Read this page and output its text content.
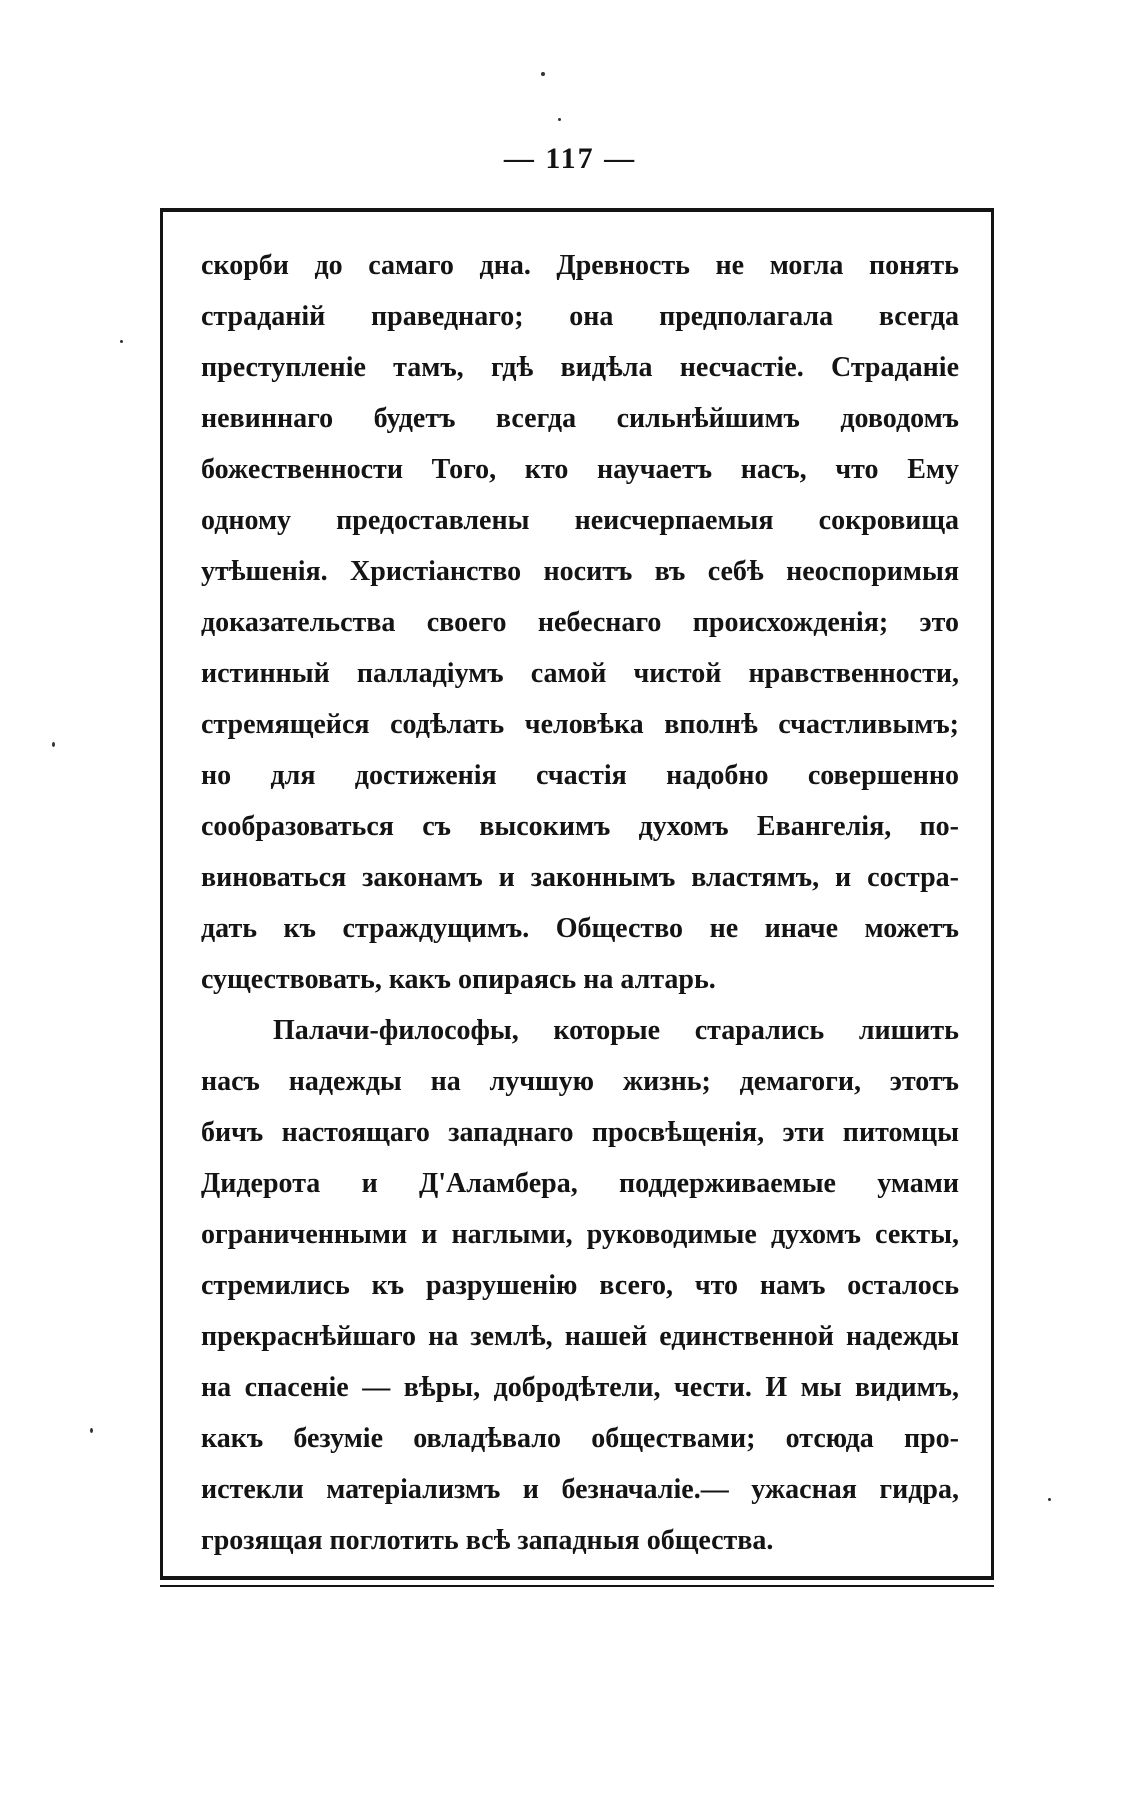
— 117 —
скорби до самаго дна. Древность не могла понять
страданій праведнаго; она предполагала всегда
преступленіе тамъ, гдѣ видѣла несчастіе. Страданіе
невиннаго будетъ всегда сильнѣйшимъ доводомъ
божественности Того, кто научаетъ насъ, что Ему
одному предоставлены неисчерпаемыя сокровища
утѣшенія. Христіанство носитъ въ себѣ неоспоримыя
доказательства своего небеснаго происхожденія; это
истинный палладіумъ самой чистой нравственности,
стремящейся содѣлать человѣка вполнѣ счастливымъ;
но для достиженія счастія надобно совершенно
сообразоваться съ высокимъ духомъ Евангелія, по-
виноваться законамъ и законнымъ властямъ, и сострa-
дать къ страждущимъ. Общество не иначе можетъ
существовать, какъ опираясь на алтарь.
Палачи-философы, которые старались лишить
насъ надежды на лучшую жизнь; демагоги, этотъ
бичъ настоящаго западнаго просвѣщенія, эти питомцы
Дидерота и Д'Аламбера, поддерживаемые умами
ограниченными и наглыми, руководимые духомъ секты,
стремились къ разрушенію всего, что намъ осталось
прекраснѣйшаго на землѣ, нашей единственной надежды
на спасеніе — вѣры, добродѣтели, чести. И мы видимъ,
какъ безуміе овладѣвало обществами; отсюда про-
истекли матеріализмъ и безначаліе.— ужасная гидра,
грозящая поглотить всѣ западныя общества.
